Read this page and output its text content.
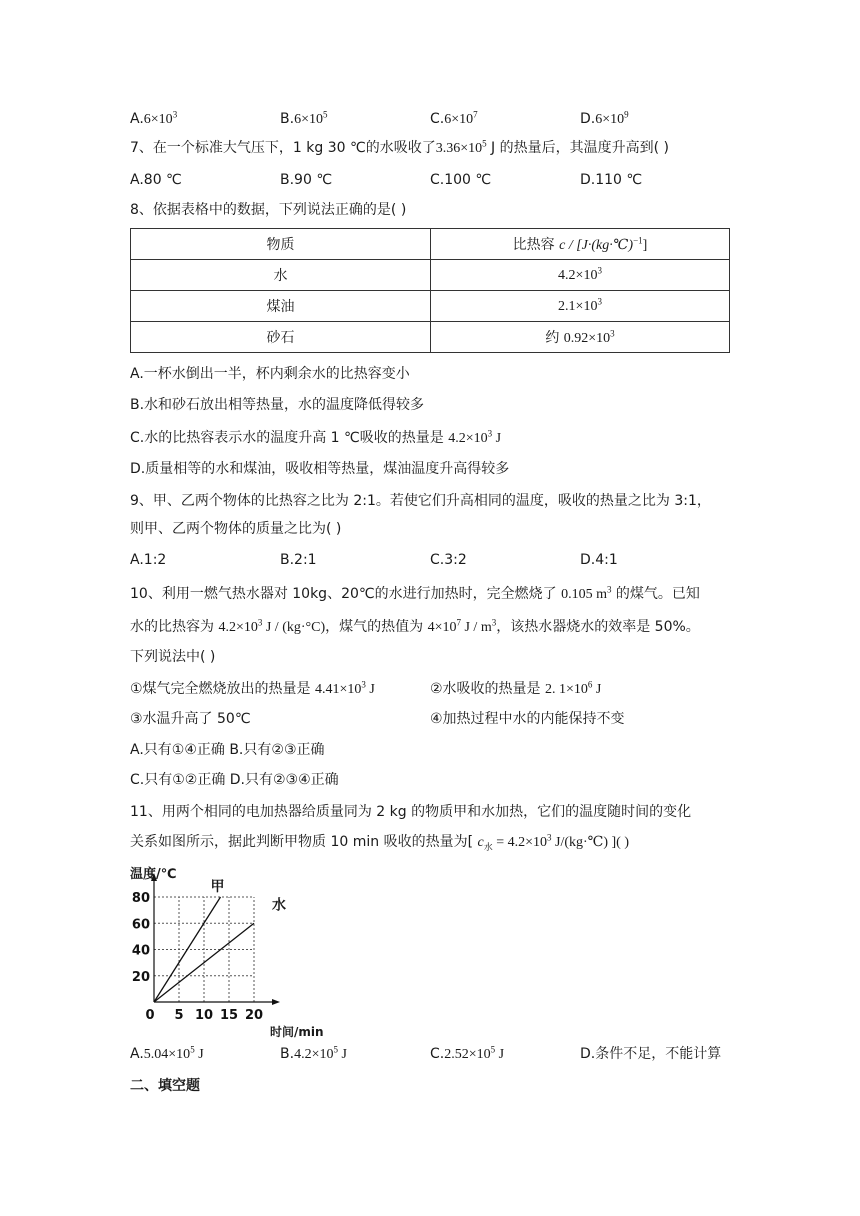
$A.6\times 10^3$	$B.6\times 10^5$	$C.6\times 10^7$	$D.6\times 10^9$
7、在一个标准大气压下，1 kg 30 ℃的水吸收了$3.36\times 10^5$ J 的热量后，其温度升高到( )
A.80 ℃	B.90 ℃	C.100 ℃	D.110 ℃
8、依据表格中的数据，下列说法正确的是( )
物质	比热容 c / [J·(kg·℃)$^{-1}$]
水	$4.2\times 10^3$
煤油	$2.1\times 10^3$
砂石	约 $0.92\times 10^3$
A.一杯水倒出一半，杯内剩余水的比热容变小
B.水和砂石放出相等热量，水的温度降低得较多
C.水的比热容表示水的温度升高 1 ℃吸收的热量是 $4.2\times 10^3$ J
D.质量相等的水和煤油，吸收相等热量，煤油温度升高得较多
9、甲、乙两个物体的比热容之比为 2:1。若使它们升高相同的温度，吸收的热量之比为 3:1，
则甲、乙两个物体的质量之比为( )
A.1:2	B.2:1	C.3:2	D.4:1
10、利用一燃气热水器对 10kg、20℃的水进行加热时，完全燃烧了 0.105 $m^3$ 的煤气。已知
水的比热容为 $4.2\times 10^3$ J / (kg·°C)，煤气的热值为 $4\times 10^7$ J / $m^3$，该热水器烧水的效率是 50%。
下列说法中( )
①煤气完全燃烧放出的热量是 $4.41\times 10^3$ J	②水吸收的热量是 2. $1\times 10^6$ J
③水温升高了 50℃	④加热过程中水的内能保持不变
A.只有①④正确 B.只有②③正确
C.只有①②正确 D.只有②③④正确
11、用两个相同的电加热器给质量同为 2 kg 的物质甲和水加热，它们的温度随时间的变化
关系如图所示，据此判断甲物质 10 min 吸收的热量为[ $c_水 = 4.2\times 10^3$ J/(kg·℃) ]( )
20
40
60
80
0 5 10 15 20
温度/℃
时间/min
甲
水
$A.5.04\times 10^5$ J	$B.4.2\times 10^5$ J	$C.2.52\times 10^5$ J	D.条件不足，不能计算
二、填空题
